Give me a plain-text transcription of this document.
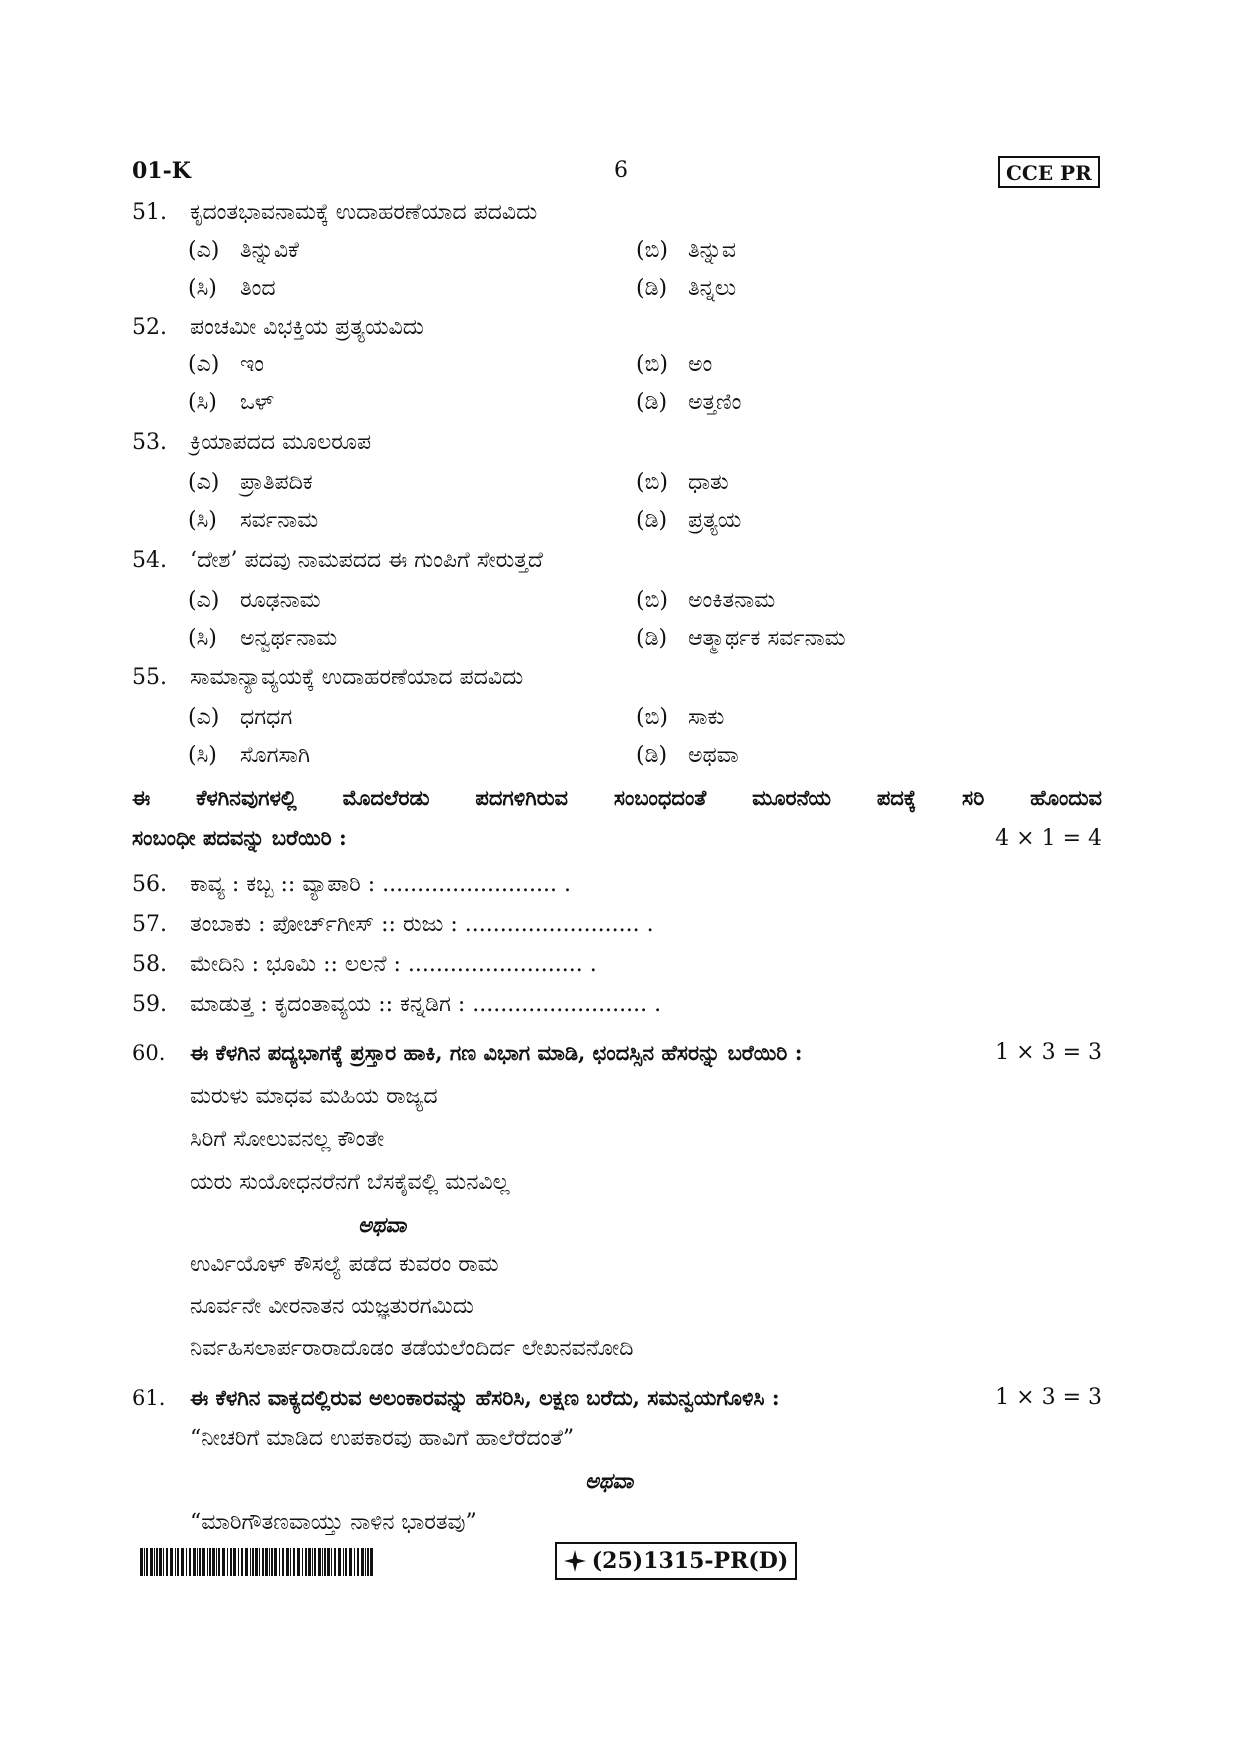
01-K	6	CCE PR
51. ಕೃದಂತಭಾವನಾಮಕ್ಕೆ ಉದಾಹರಣೆಯಾದ ಪದವಿದು
(ಎ) ತಿನ್ನುವಿಕೆ	(ಬಿ) ತಿನ್ನುವ
(ಸಿ) ತಿಂದ	(ಡಿ) ತಿನ್ನಲು
52. ಪಂಚಮೀ ವಿಭಕ್ತಿಯ ಪ್ರತ್ಯಯವಿದು
(ಎ) ಇಂ	(ಬಿ) ಅಂ
(ಸಿ) ಒಳ್	(ಡಿ) ಅತ್ತಣಿಂ
53. ಕ್ರಿಯಾಪದದ ಮೂಲರೂಪ
(ಎ) ಪ್ರಾತಿಪದಿಕ	(ಬಿ) ಧಾತು
(ಸಿ) ಸರ್ವನಾಮ	(ಡಿ) ಪ್ರತ್ಯಯ
54. ‘ದೇಶ’ ಪದವು ನಾಮಪದದ ಈ ಗುಂಪಿಗೆ ಸೇರುತ್ತದೆ
(ಎ) ರೂಢನಾಮ	(ಬಿ) ಅಂಕಿತನಾಮ
(ಸಿ) ಅನ್ವರ್ಥನಾಮ	(ಡಿ) ಆತ್ಮಾರ್ಥಕ ಸರ್ವನಾಮ
55. ಸಾಮಾನ್ಯಾವ್ಯಯಕ್ಕೆ ಉದಾಹರಣೆಯಾದ ಪದವಿದು
(ಎ) ಧಗಧಗ	(ಬಿ) ಸಾಕು
(ಸಿ) ಸೊಗಸಾಗಿ	(ಡಿ) ಅಥವಾ
ಈ ಕೆಳಗಿನವುಗಳಲ್ಲಿ ಮೊದಲೆರಡು ಪದಗಳಿಗಿರುವ ಸಂಬಂಧದಂತೆ ಮೂರನೆಯ ಪದಕ್ಕೆ ಸರಿ ಹೊಂದುವ
ಸಂಬಂಧೀ ಪದವನ್ನು ಬರೆಯಿರಿ :	4 × 1 = 4
56. ಕಾವ್ಯ : ಕಬ್ಬ :: ವ್ಯಾಪಾರಿ : ......................... .
57. ತಂಬಾಕು : ಪೋರ್ಚ್‌ಗೀಸ್ :: ರುಜು : ......................... .
58. ಮೇದಿನಿ : ಭೂಮಿ :: ಲಲನೆ : ......................... .
59. ಮಾಡುತ್ತ : ಕೃದಂತಾವ್ಯಯ :: ಕನ್ನಡಿಗ : ......................... .
60. ಈ ಕೆಳಗಿನ ಪದ್ಯಭಾಗಕ್ಕೆ ಪ್ರಸ್ತಾರ ಹಾಕಿ, ಗಣ ವಿಭಾಗ ಮಾಡಿ, ಛಂದಸ್ಸಿನ ಹೆಸರನ್ನು ಬರೆಯಿರಿ :	1 × 3 = 3
ಮರುಳು ಮಾಧವ ಮಹಿಯ ರಾಜ್ಯದ
ಸಿರಿಗೆ ಸೋಲುವನಲ್ಲ ಕೌಂತೇ
ಯರು ಸುಯೋಧನರೆನಗೆ ಬೆಸಕೈವಲ್ಲಿ ಮನವಿಲ್ಲ
ಅಥವಾ
ಉರ್ವಿಯೊಳ್ ಕೌಸಲ್ಯೆ ಪಡೆದ ಕುವರಂ ರಾಮ
ನೂರ್ವನೇ ವೀರನಾತನ ಯಜ್ಞತುರಗಮಿದು
ನಿರ್ವಹಿಸಲಾರ್ಪರಾರಾದೊಡಂ ತಡೆಯಲೆಂದಿರ್ದ ಲೇಖನವನೋದಿ
61. ಈ ಕೆಳಗಿನ ವಾಕ್ಯದಲ್ಲಿರುವ ಅಲಂಕಾರವನ್ನು ಹೆಸರಿಸಿ, ಲಕ್ಷಣ ಬರೆದು, ಸಮನ್ವಯಗೊಳಿಸಿ :	1 × 3 = 3
“ನೀಚರಿಗೆ ಮಾಡಿದ ಉಪಕಾರವು ಹಾವಿಗೆ ಹಾಲೆರೆದಂತೆ”
ಅಥವಾ
“ಮಾರಿಗೌತಣವಾಯ್ತು ನಾಳಿನ ಭಾರತವು”
(25)1315-PR(D)
